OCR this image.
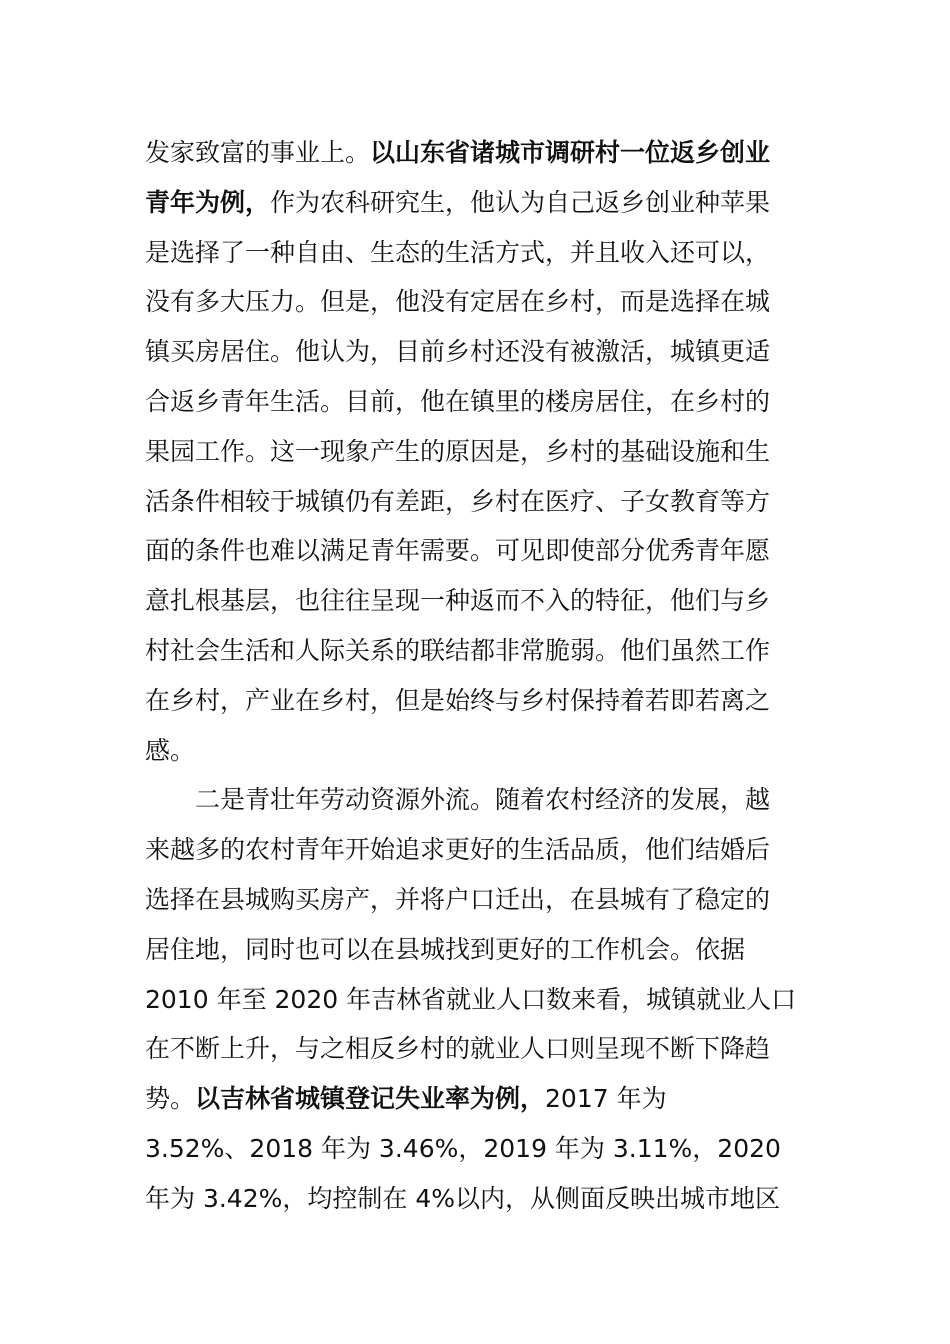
发家致富的事业上。以山东省诸城市调研村一位返乡创业
青年为例，作为农科研究生，他认为自己返乡创业种苹果
是选择了一种自由、生态的生活方式，并且收入还可以，
没有多大压力。但是，他没有定居在乡村，而是选择在城
镇买房居住。他认为，目前乡村还没有被激活，城镇更适
合返乡青年生活。目前，他在镇里的楼房居住，在乡村的
果园工作。这一现象产生的原因是，乡村的基础设施和生
活条件相较于城镇仍有差距，乡村在医疗、子女教育等方
面的条件也难以满足青年需要。可见即使部分优秀青年愿
意扎根基层，也往往呈现一种返而不入的特征，他们与乡
村社会生活和人际关系的联结都非常脆弱。他们虽然工作
在乡村，产业在乡村，但是始终与乡村保持着若即若离之
感。
二是青壮年劳动资源外流。随着农村经济的发展，越
来越多的农村青年开始追求更好的生活品质，他们结婚后
选择在县城购买房产，并将户口迁出，在县城有了稳定的
居住地，同时也可以在县城找到更好的工作机会。依据
2010 年至 2020 年吉林省就业人口数来看，城镇就业人口
在不断上升，与之相反乡村的就业人口则呈现不断下降趋
势。以吉林省城镇登记失业率为例，2017 年为
3.52%、2018 年为 3.46%，2019 年为 3.11%，2020
年为 3.42%，均控制在 4%以内，从侧面反映出城市地区
